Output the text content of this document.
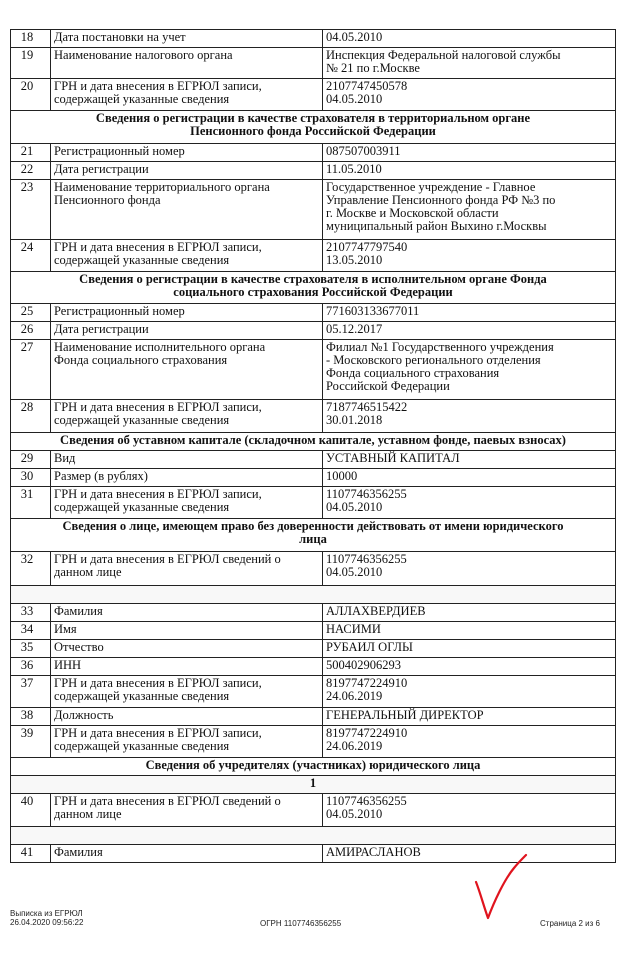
18	Дата постановки на учет	04.05.2010
19	Наименование налогового органа	Инспекция Федеральной налоговой службы
№ 21 по г.Москве
20	ГРН и дата внесения в ЕГРЮЛ записи,
содержащей указанные сведения	2107747450578
04.05.2010
Сведения о регистрации в качестве страхователя в территориальном органе
Пенсионного фонда Российской Федерации		
21	Регистрационный номер	087507003911
22	Дата регистрации	11.05.2010
23	Наименование территориального органа
Пенсионного фонда	Государственное учреждение - Главное
Управление Пенсионного фонда РФ №3 по
г. Москве и Московской области
муниципальный район Выхино г.Москвы
24	ГРН и дата внесения в ЕГРЮЛ записи,
содержащей указанные сведения	2107747797540
13.05.2010
Сведения о регистрации в качестве страхователя в исполнительном органе Фонда
социального страхования Российской Федерации		
25	Регистрационный номер	771603133677011
26	Дата регистрации	05.12.2017
27	Наименование исполнительного органа
Фонда социального страхования	Филиал №1 Государственного учреждения
- Московского регионального отделения
Фонда социального страхования
Российской Федерации
28	ГРН и дата внесения в ЕГРЮЛ записи,
содержащей указанные сведения	7187746515422
30.01.2018
Сведения об уставном капитале (складочном капитале, уставном фонде, паевых взносах)		
29	Вид	УСТАВНЫЙ КАПИТАЛ
30	Размер (в рублях)	10000
31	ГРН и дата внесения в ЕГРЮЛ записи,
содержащей указанные сведения	1107746356255
04.05.2010
Сведения о лице, имеющем право без доверенности действовать от имени юридического
лица		
32	ГРН и дата внесения в ЕГРЮЛ сведений о
данном лице	1107746356255
04.05.2010

33	Фамилия	АЛЛАХВЕРДИЕВ
34	Имя	НАСИМИ
35	Отчество	РУБАИЛ ОГЛЫ
36	ИНН	500402906293
37	ГРН и дата внесения в ЕГРЮЛ записи,
содержащей указанные сведения	8197747224910
24.06.2019
38	Должность	ГЕНЕРАЛЬНЫЙ ДИРЕКТОР
39	ГРН и дата внесения в ЕГРЮЛ записи,
содержащей указанные сведения	8197747224910
24.06.2019
Сведения об учредителях (участниках) юридического лица		
1		
40	ГРН и дата внесения в ЕГРЮЛ сведений о
данном лице	1107746356255
04.05.2010

41	Фамилия	АМИРАСЛАНОВ
Выписка из ЕГРЮЛ
26.04.2020 09:56:22	ОГРН 1107746356255	Страница 2 из 6
